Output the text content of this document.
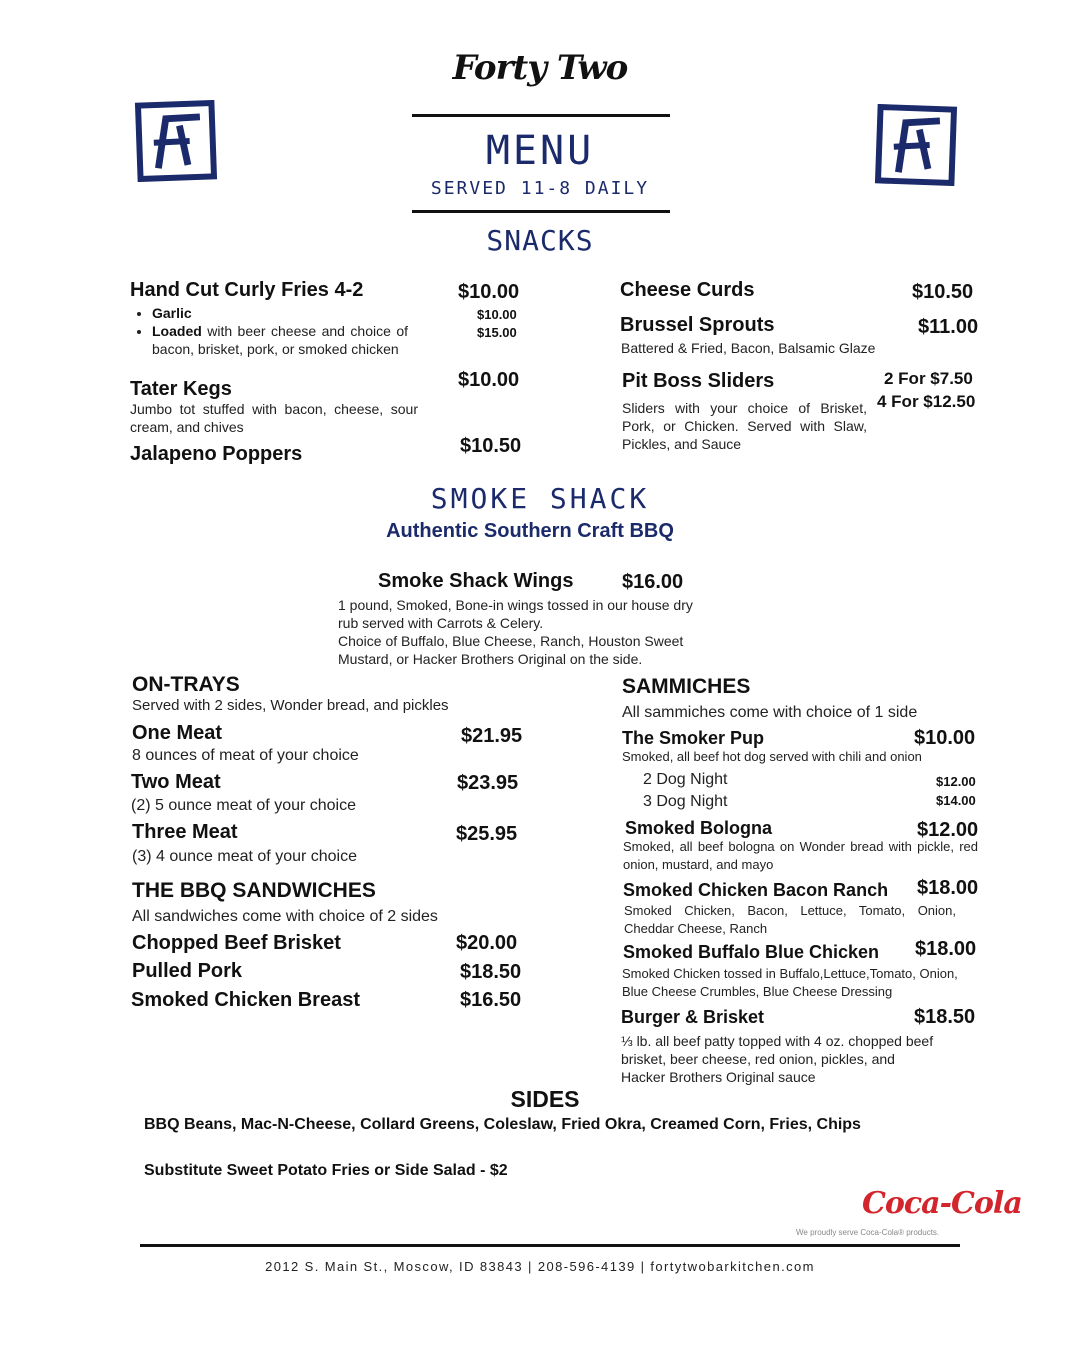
Forty Two
MENU
SERVED 11-8 DAILY
SNACKS
Hand Cut Curly Fries 4-2	$10.00
• Garlic
• Loaded with beer cheese and choice of bacon, brisket, pork, or smoked chicken
$10.00
$15.00
Tater Kegs	$10.00
Jumbo tot stuffed with bacon, cheese, sour cream, and chives
Jalapeno Poppers	$10.50
Cheese Curds	$10.50
Brussel Sprouts	$11.00
Battered & Fried, Bacon, Balsamic Glaze
Pit Boss Sliders	2 For $7.50
4 For $12.50
Sliders with your choice of Brisket, Pork, or Chicken. Served with Slaw, Pickles, and Sauce
SMOKE SHACK
Authentic Southern Craft BBQ
Smoke Shack Wings $16.00
1 pound, Smoked, Bone-in wings tossed in our house dry rub served with Carrots & Celery.
Choice of Buffalo, Blue Cheese, Ranch, Houston Sweet Mustard, or Hacker Brothers Original on the side.
ON-TRAYS
Served with 2 sides, Wonder bread, and pickles
One Meat	$21.95
8 ounces of meat of your choice
Two Meat	$23.95
(2) 5 ounce meat of your choice
Three Meat	$25.95
(3) 4 ounce meat of your choice
THE BBQ SANDWICHES
All sandwiches come with choice of 2 sides
Chopped Beef Brisket	$20.00
Pulled Pork	$18.50
Smoked Chicken Breast	$16.50
SAMMICHES
All sammiches come with choice of 1 side
The Smoker Pup	$10.00
Smoked, all beef hot dog served with chili and onion
2 Dog Night	$12.00
3 Dog Night	$14.00
Smoked Bologna	$12.00
Smoked, all beef bologna on Wonder bread with pickle, red onion, mustard, and mayo
Smoked Chicken Bacon Ranch $18.00
Smoked Chicken, Bacon, Lettuce, Tomato, Onion, Cheddar Cheese, Ranch
Smoked Buffalo Blue Chicken $18.00
Smoked Chicken tossed in Buffalo,Lettuce,Tomato, Onion, Blue Cheese Crumbles, Blue Cheese Dressing
Burger & Brisket	$18.50
⅓ lb. all beef patty topped with 4 oz. chopped beef brisket, beer cheese, red onion, pickles, and Hacker Brothers Original sauce
SIDES
BBQ Beans, Mac-N-Cheese, Collard Greens, Coleslaw, Fried Okra, Creamed Corn, Fries, Chips
Substitute Sweet Potato Fries or Side Salad - $2
Coca-Cola
We proudly serve Coca-Cola® products.
2012 S. Main St., Moscow, ID 83843 | 208-596-4139 | fortytwobarkitchen.com
